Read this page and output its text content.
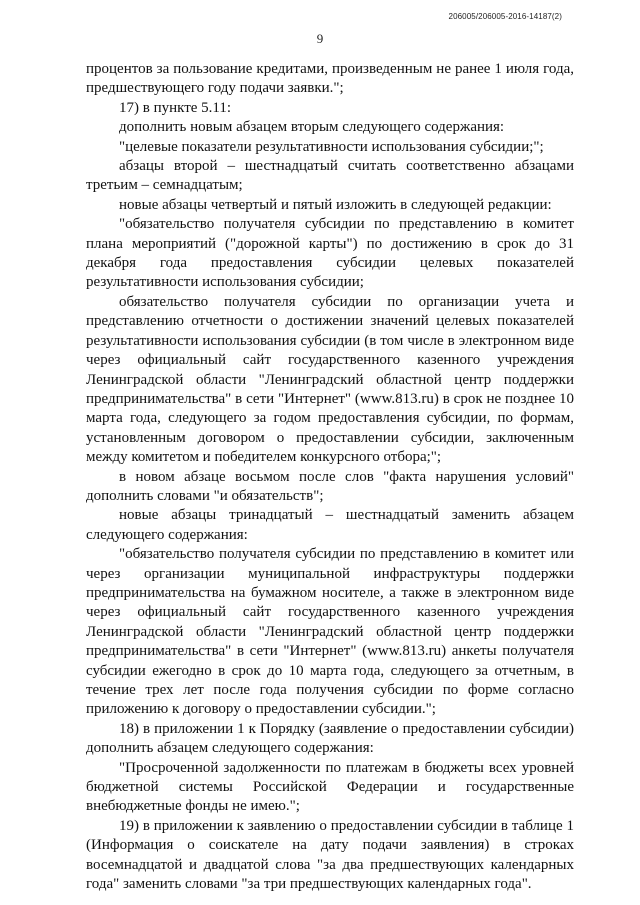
206005/206005-2016-14187(2)
9

процентов за пользование кредитами, произведенным не ранее 1 июля года, предшествующего году подачи заявки.";

17) в пункте 5.11:

дополнить новым абзацем вторым следующего содержания:

"целевые показатели результативности использования субсидии;";

абзацы второй – шестнадцатый считать соответственно абзацами третьим – семнадцатым;

новые абзацы четвертый и пятый изложить в следующей редакции:

"обязательство получателя субсидии по представлению в комитет плана мероприятий ("дорожной карты") по достижению в срок до 31 декабря года предоставления субсидии целевых показателей результативности использования субсидии;

обязательство получателя субсидии по организации учета и представлению отчетности о достижении значений целевых показателей результативности использования субсидии (в том числе в электронном виде через официальный сайт государственного казенного учреждения Ленинградской области "Ленинградский областной центр поддержки предпринимательства" в сети "Интернет" (www.813.ru) в срок не позднее 10 марта года, следующего за годом предоставления субсидии, по формам, установленным договором о предоставлении субсидии, заключенным между комитетом и победителем конкурсного отбора;";

в новом абзаце восьмом после слов "факта нарушения условий" дополнить словами "и обязательств";

новые абзацы тринадцатый – шестнадцатый заменить абзацем следующего содержания:

"обязательство получателя субсидии по представлению в комитет или через организации муниципальной инфраструктуры поддержки предпринимательства на бумажном носителе, а также в электронном виде через официальный сайт государственного казенного учреждения Ленинградской области "Ленинградский областной центр поддержки предпринимательства" в сети "Интернет" (www.813.ru) анкеты получателя субсидии ежегодно в срок до 10 марта года, следующего за отчетным, в течение трех лет после года получения субсидии по форме согласно приложению к договору о предоставлении субсидии.";

18) в приложении 1 к Порядку (заявление о предоставлении субсидии) дополнить абзацем следующего содержания:

"Просроченной задолженности по платежам в бюджеты всех уровней бюджетной системы Российской Федерации и государственные внебюджетные фонды не имею.";

19) в приложении к заявлению о предоставлении субсидии в таблице 1 (Информация о соискателе на дату подачи заявления) в строках восемнадцатой и двадцатой слова "за два предшествующих календарных года" заменить словами "за три предшествующих календарных года".
